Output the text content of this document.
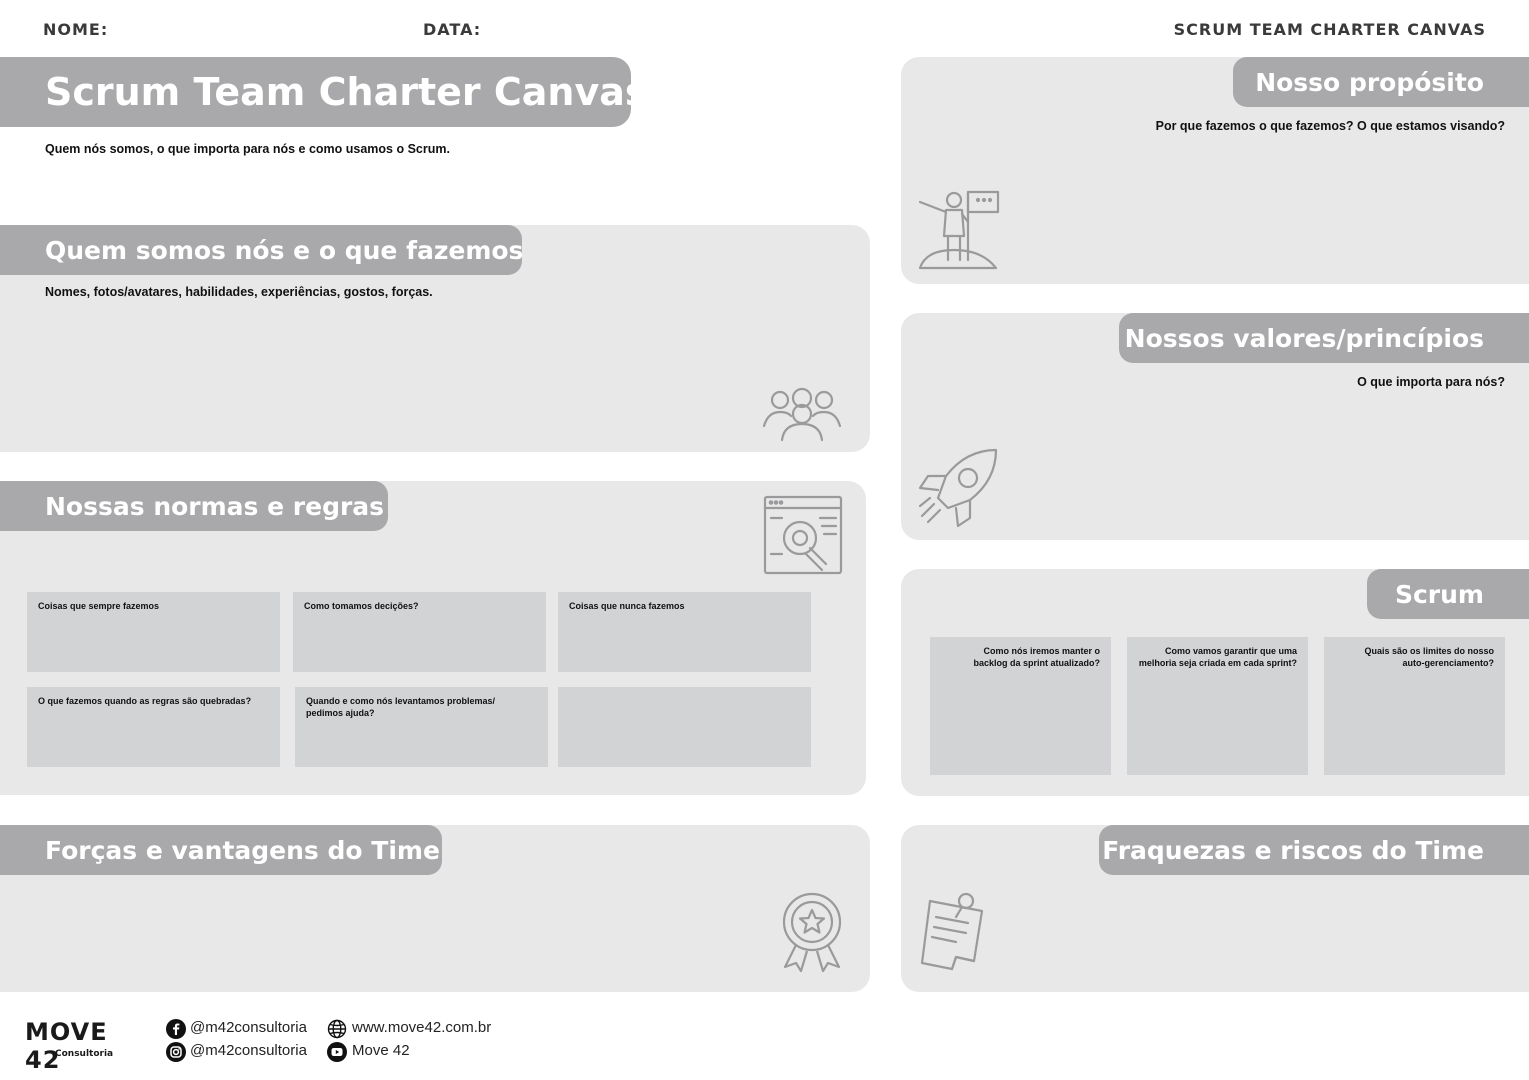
NOME:	DATA:	SCRUM TEAM CHARTER CANVAS
Scrum Team Charter Canvas
Quem nós somos, o que importa para nós e como usamos o Scrum.
Quem somos nós e o que fazemos
Nomes, fotos/avatares, habilidades, experiências, gostos, forças.
Nossas normas e regras
Coisas que sempre fazemos	Como tomamos decições?	Coisas que nunca fazemos
O que fazemos quando as regras são quebradas?	Quando e como nós levantamos problemas/ pedimos ajuda?
Forças e vantagens do Time
Nosso propósito
Por que fazemos o que fazemos? O que estamos visando?
Nossos valores/princípios
O que importa para nós?
Scrum
Como nós iremos manter o backlog da sprint atualizado?
Como vamos garantir que uma melhoria seja criada em cada sprint?
Quais são os limites do nosso auto-gerenciamento?
Fraquezas e riscos do Time
MOVE 42
Consultoria
@m42consultoria
@m42consultoria
www.move42.com.br
Move 42
